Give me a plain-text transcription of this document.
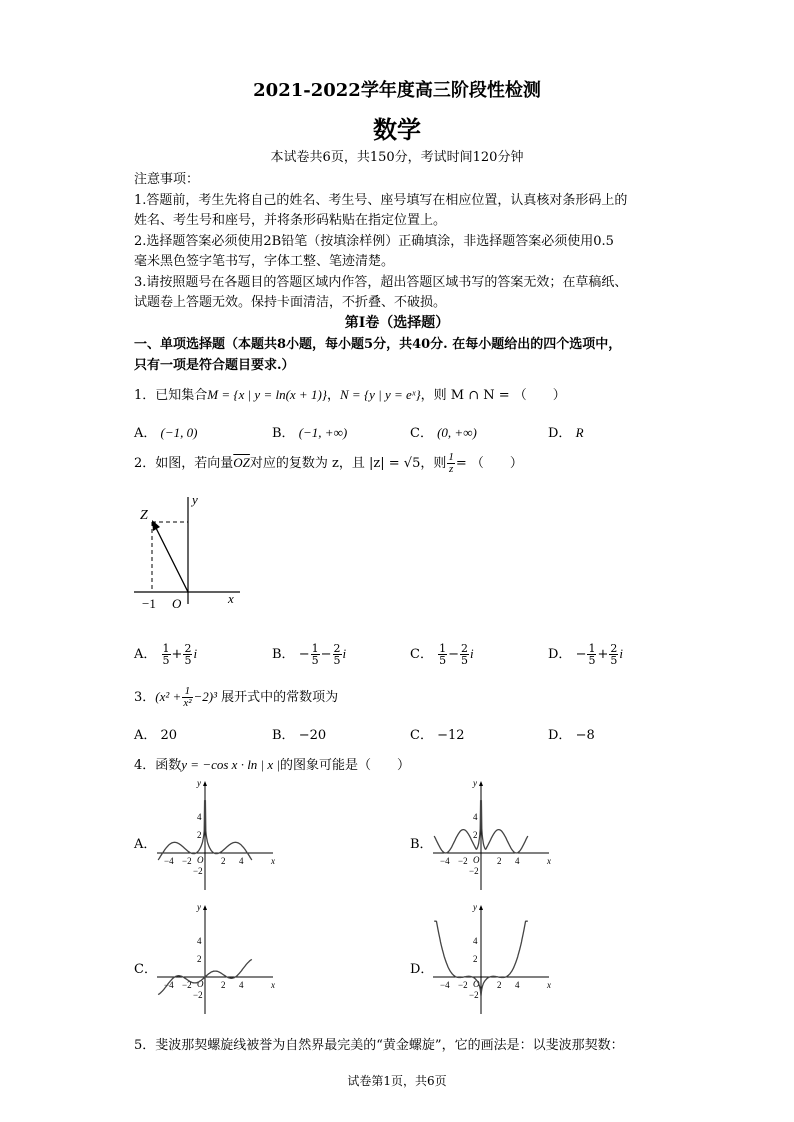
2021-2022学年度高三阶段性检测
数学
本试卷共6页，共150分，考试时间120分钟
注意事项：
1.答题前，考生先将自己的姓名、考生号、座号填写在相应位置，认真核对条形码上的
姓名、考生号和座号，并将条形码粘贴在指定位置上。
2.选择题答案必须使用2B铅笔（按填涂样例）正确填涂，非选择题答案必须使用0.5
毫米黑色签字笔书写，字体工整、笔迹清楚。
3.请按照题号在各题目的答题区域内作答，超出答题区域书写的答案无效；在草稿纸、
试题卷上答题无效。保持卡面清洁，不折叠、不破损。
第Ⅰ卷（选择题）
一、单项选择题（本题共8小题，每小题5分，共40分. 在每小题给出的四个选项中，
只有一项是符合题目要求.）
1．已知集合M = {x | y = ln(x + 1)}，N = {y | y = eˣ}，则 M ∩ N = （　　）
A． (−1, 0)	B． (−1, +∞)	C． (0, +∞)	D． R
2．如图，若向量$\overline{OZ}$对应的复数为 z，且 |z| = √5，则 $\frac{1}{z}$ = （　　）
Z
y
x
O
−1
A． $\frac{1}{5} + \frac{2}{5}$ i	B． − $\frac{1}{5} - \frac{2}{5}$ i	C． $\frac{1}{5} - \frac{2}{5}$ i	D． − $\frac{1}{5} + \frac{2}{5}$ i
3．$(x^2 + \frac{1}{\text{x²}} -2)^3$ 展开式中的常数项为
A． 20	B． −20	C． −12	D． −8
4．函数y = −cos x · ln | x |的图象可能是（　　）
A．	B．
C．	D．
y
x
O
4
2
−2
2 4
−2
−4
y
x
O
4
2
−2
2 4
−2
−4
y
x
O
4
2
−2
2 4
−2
−4
y
x
O
4
2
−2
2 4
−2
−4
5．斐波那契螺旋线被誉为自然界最完美的“黄金螺旋”，它的画法是：以斐波那契数：
试卷第1页，共6页
